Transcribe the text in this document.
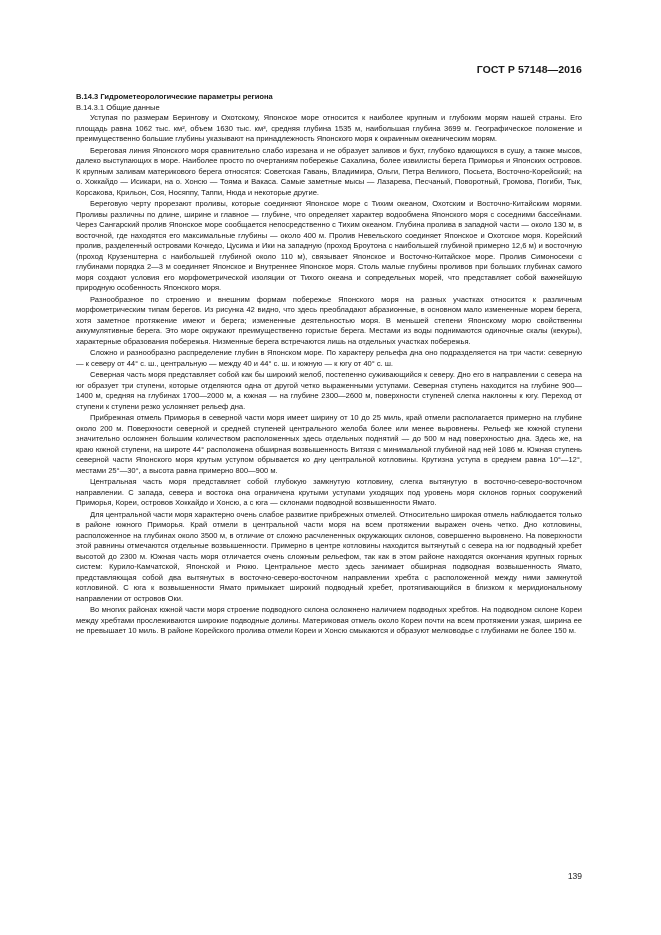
ГОСТ Р 57148—2016
В.14.3 Гидрометеорологические параметры региона
В.14.3.1 Общие данные

Уступая по размерам Берингову и Охотскому, Японское море относится к наиболее крупным и глубоким морям нашей страны. Его площадь равна 1062 тыс. км², объем 1630 тыс. км³, средняя глубина 1535 м, наибольшая глубина 3699 м. Географическое положение и преимущественно большие глубины указывают на принадлежность Японского моря к окраинным океаническим морям.

Береговая линия Японского моря сравнительно слабо изрезана и не образует заливов и бухт, глубоко вдающихся в сушу, а также мысов, далеко выступающих в море. Наиболее просто по очертаниям побережье Сахалина, более извилисты берега Приморья и Японских островов. К крупным заливам материкового берега относятся: Советская Гавань, Владимира, Ольги, Петра Великого, Посьета, Восточно-Корейский; на о. Хоккайдо — Исикари, на о. Хонсю — Тояма и Вакаса. Самые заметные мысы — Лазарева, Песчаный, Поворотный, Громова, Погиби, Тык, Корсакова, Крильон, Соя, Носяппу, Таппи, Нюда и некоторые другие.

Береговую черту прорезают проливы, которые соединяют Японское море с Тихим океаном, Охотским и Восточно-Китайским морями. Проливы различны по длине, ширине и главное — глубине, что определяет характер водообмена Японского моря с соседними бассейнами. Через Сангарский пролив Японское море сообщается непосредственно с Тихим океаном. Глубина пролива в западной части — около 130 м, в восточной, где находятся его максимальные глубины — около 400 м. Пролив Невельского соединяет Японское и Охотское моря. Корейский пролив, разделенный островами Кочкедо, Цусима и Ики на западную (проход Броутона с наибольшей глубиной примерно 12,6 м) и восточную (проход Крузенштерна с наибольшей глубиной около 110 м), связывает Японское и Восточно-Китайское море. Пролив Симоносеки с глубинами порядка 2—3 м соединяет Японское и Внутреннее Японское моря. Столь малые глубины проливов при больших глубинах самого моря создают условия его морфометрической изоляции от Тихого океана и сопредельных морей, что представляет собой важнейшую природную особенность Японского моря.

Разнообразное по строению и внешним формам побережье Японского моря на разных участках относится к различным морфометрическим типам берегов. Из рисунка 42 видно, что здесь преобладают абразионные, в основном мало измененные морем берега, хотя заметное протяжение имеют и берега; измененные деятельностью моря. В меньшей степени Японскому морю свойственны аккумулятивные берега. Это море окружают преимущественно гористые берега. Местами из воды поднимаются одиночные скалы (кекуры), характерные образования побережья. Низменные берега встречаются лишь на отдельных участках побережья.

Сложно и разнообразно распределение глубин в Японском море. По характеру рельефа дна оно подразделяется на три части: северную — к северу от 44° с. ш., центральную — между 40 и 44° с. ш. и южную — к югу от 40° с. ш.

Северная часть моря представляет собой как бы широкий желоб, постепенно суживающийся к северу. Дно его в направлении с севера на юг образует три ступени, которые отделяются одна от другой четко выраженными уступами. Северная ступень находится на глубине 900—1400 м, средняя на глубинах 1700—2000 м, а южная — на глубине 2300—2600 м, поверхности ступеней слегка наклонны к югу. Переход от ступени к ступени резко усложняет рельеф дна.

Прибрежная отмель Приморья в северной части моря имеет ширину от 10 до 25 миль, край отмели располагается примерно на глубине около 200 м. Поверхности северной и средней ступеней центрального желоба более или менее выровнены. Рельеф же южной ступени значительно осложнен большим количеством расположенных здесь отдельных поднятий — до 500 м над поверхностью дна. Здесь же, на краю южной ступени, на широте 44° расположена обширная возвышенность Витязя с минимальной глубиной над ней 1086 м. Южная ступень северной части Японского моря крутым уступом обрывается ко дну центральной котловины. Крутизна уступа в среднем равна 10°—12°, местами 25°—30°, а высота равна примерно 800—900 м.

Центральная часть моря представляет собой глубокую замкнутую котловину, слегка вытянутую в восточно-северо-восточном направлении. С запада, севера и востока она ограничена крутыми уступами уходящих под уровень моря склонов горных сооружений Приморья, Кореи, островов Хоккайдо и Хонсю, а с юга — склонами подводной возвышенности Ямато.

Для центральной части моря характерно очень слабое развитие прибрежных отмелей. Относительно широкая отмель наблюдается только в районе южного Приморья. Край отмели в центральной части моря на всем протяжении выражен очень четко. Дно котловины, расположенное на глубинах около 3500 м, в отличие от сложно расчлененных окружающих склонов, совершенно выровнено. На поверхности этой равнины отмечаются отдельные возвышенности. Примерно в центре котловины находится вытянутый с севера на юг подводный хребет высотой до 2300 м. Южная часть моря отличается очень сложным рельефом, так как в этом районе находятся окончания крупных горных систем: Курило-Камчатской, Японской и Рюкю. Центральное место здесь занимает обширная подводная возвышенность Ямато, представляющая собой два вытянутых в восточно-северо-восточном направлении хребта с расположенной между ними замкнутой котловиной. С юга к возвышенности Ямато примыкает широкий подводный хребет, протягивающийся в близком к меридиональному направлении от островов Оки.

Во многих районах южной части моря строение подводного склона осложнено наличием подводных хребтов. На подводном склоне Кореи между хребтами прослеживаются широкие подводные долины. Материковая отмель около Кореи почти на всем протяжении узкая, ширина ее не превышает 10 миль. В районе Корейского пролива отмели Кореи и Хонсю смыкаются и образуют мелководье с глубинами не более 150 м.

139
